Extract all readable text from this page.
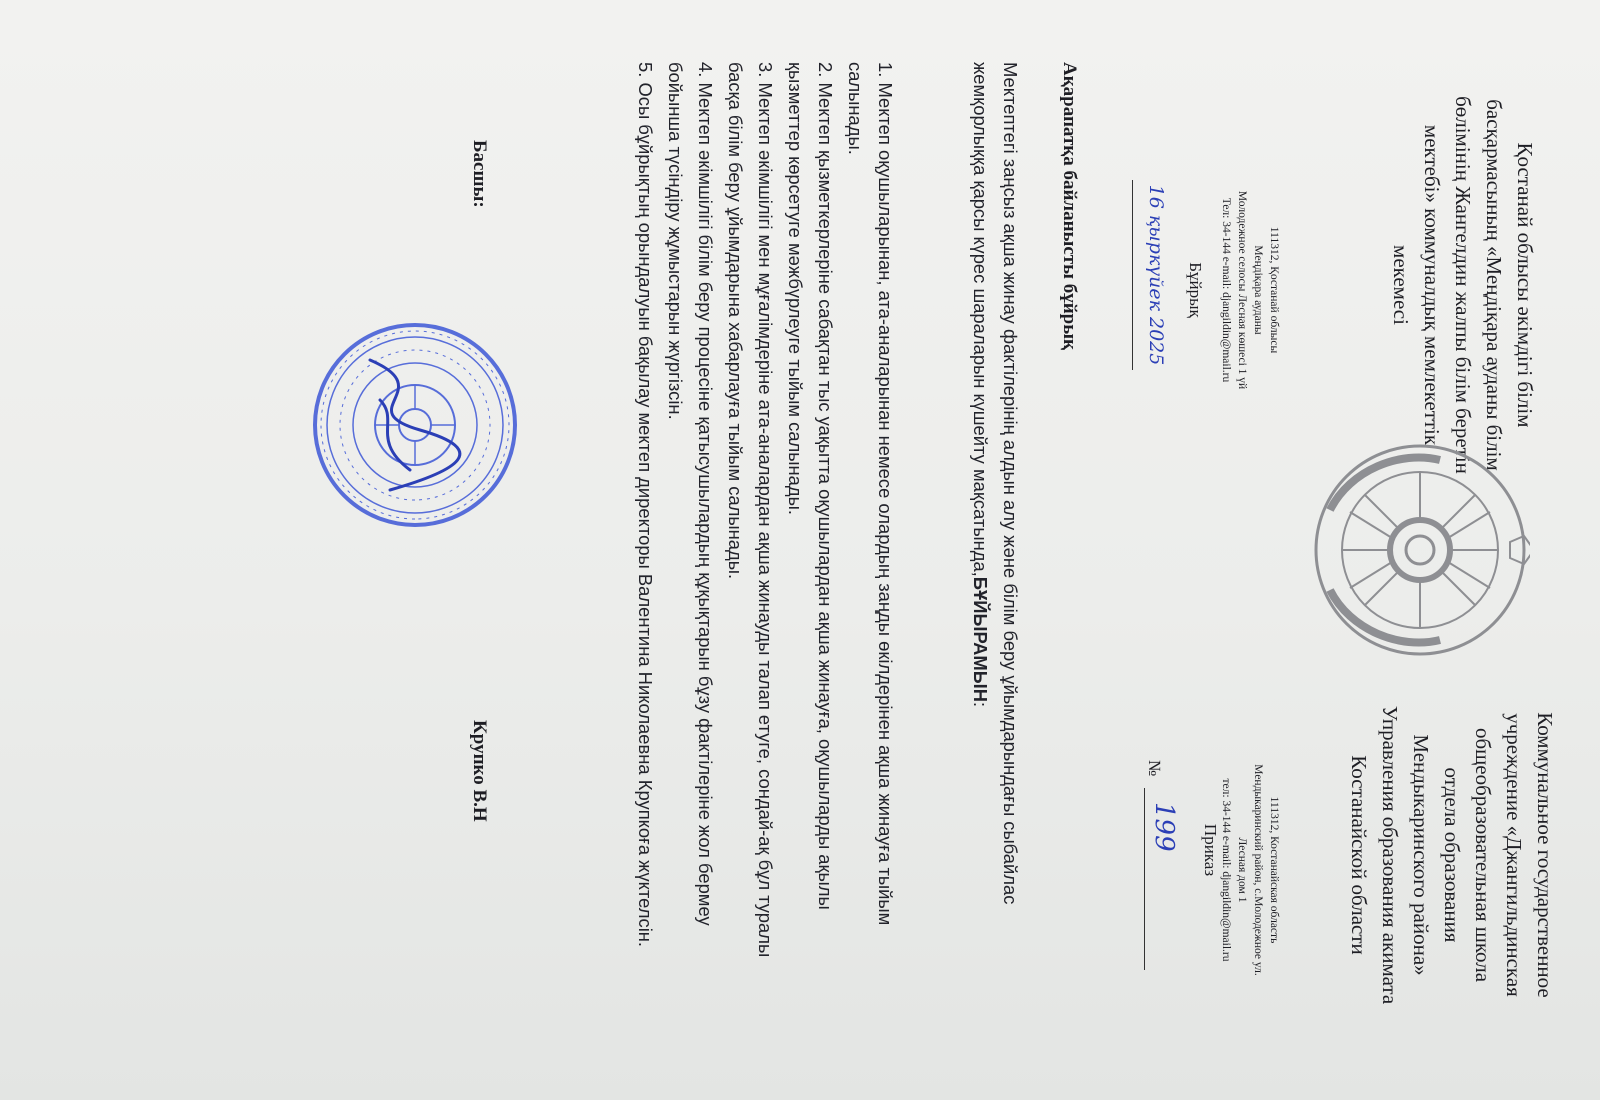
Қостанай облысы әкімдігі білім
басқармасының «Меңдіқара ауданы білім
бөлімінің Жангелдин жалпы білім беретін
мектебі» коммуналдық мемлекеттік
мекемесі
Коммунальное государственное
учреждение «Джангильдинская
общеобразовательная школа
отдела образования
Мендыкаринского района»
Управления образования акимата
Костанайской области
111312, Қостанай облысы
Меңдіқара ауданы
Молодежное селосы Лесная көшесі 1 үй
Тел: 34-144 e-mail: djangildin@mail.ru
111312, Костанайская область
Мендыкаринский район, с.Молодежное ул.
Лесная дом 1
тел: 34-144 e-mail: djangildin@mail.ru
Бұйрық
Приказ
16 қыркүйек 2025
№
199
Ақарапатқа байланысты бұйрық
Мектептегі заңсыз ақша жинау фактілерінің алдын алу және білім беру ұйымдарындағы сыбайлас жемқорлыққа қарсы күрес шараларын күшейту мақсатында,БҰЙЫРАМЫН:

1. Мектеп оқушыларынан, ата-аналарынан немесе олардың заңды өкілдерінен ақша жинауға тыйым салынады.

2. Мектеп қызметкерлеріне сабақтан тыс уақытта оқушылардан ақша жинауға, оқушыларды ақылы қызметтер көрсетуге мәжбүрлеуге тыйым салынады.

3. Мектеп әкімшілігі мен мұғалімдеріне ата-аналардан ақша жинауды талап етуге, сондай-ақ бұл туралы басқа білім беру ұйымдарына хабарлауға тыйым салынады.

4. Мектеп әкімшілігі білім беру процесіне қатысушылардың құқықтарын бұзу фактілеріне жол бермеу бойынша түсіндіру жұмыстарын жүргізсін.

5. Осы бұйрықтың орындалуын бақылау мектеп директоры Валентина Николаевна Крупкоға жүктелсін.

Басшы:
Крупко В.Н
